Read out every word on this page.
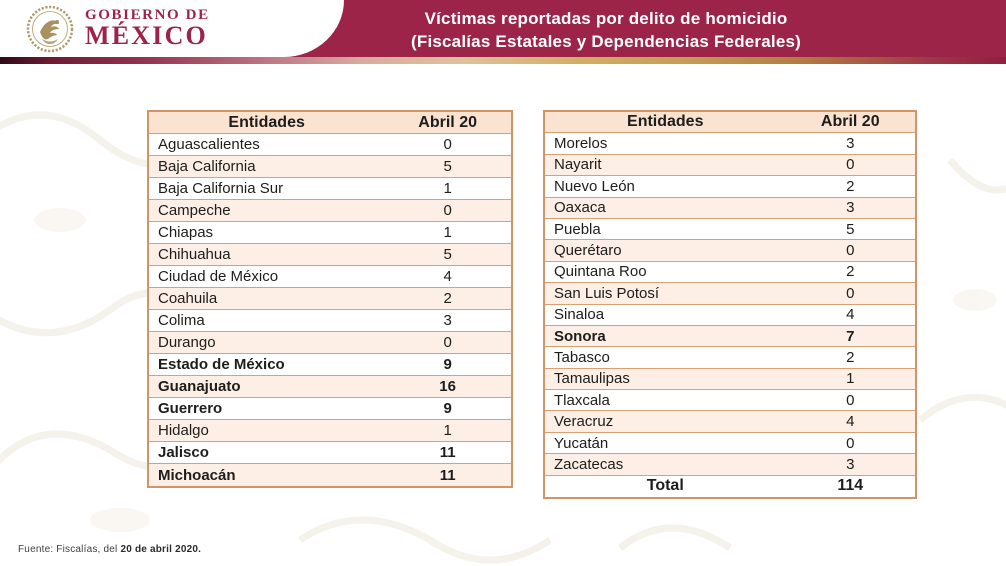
Víctimas reportadas por delito de homicidio
(Fiscalías Estatales y Dependencias Federales)
GOBIERNO DE
MÉXICO
Entidades	Abril 20
Aguascalientes	0
Baja California	5
Baja California Sur	1
Campeche	0
Chiapas	1
Chihuahua	5
Ciudad de México	4
Coahuila	2
Colima	3
Durango	0
Estado de México	9
Guanajuato	16
Guerrero	9
Hidalgo	1
Jalisco	11
Michoacán	11
Entidades	Abril 20
Morelos	3
Nayarit	0
Nuevo León	2
Oaxaca	3
Puebla	5
Querétaro	0
Quintana Roo	2
San Luis Potosí	0
Sinaloa	4
Sonora	7
Tabasco	2
Tamaulipas	1
Tlaxcala	0
Veracruz	4
Yucatán	0
Zacatecas	3
Total	114
Fuente: Fiscalías, del 20 de abril 2020.
